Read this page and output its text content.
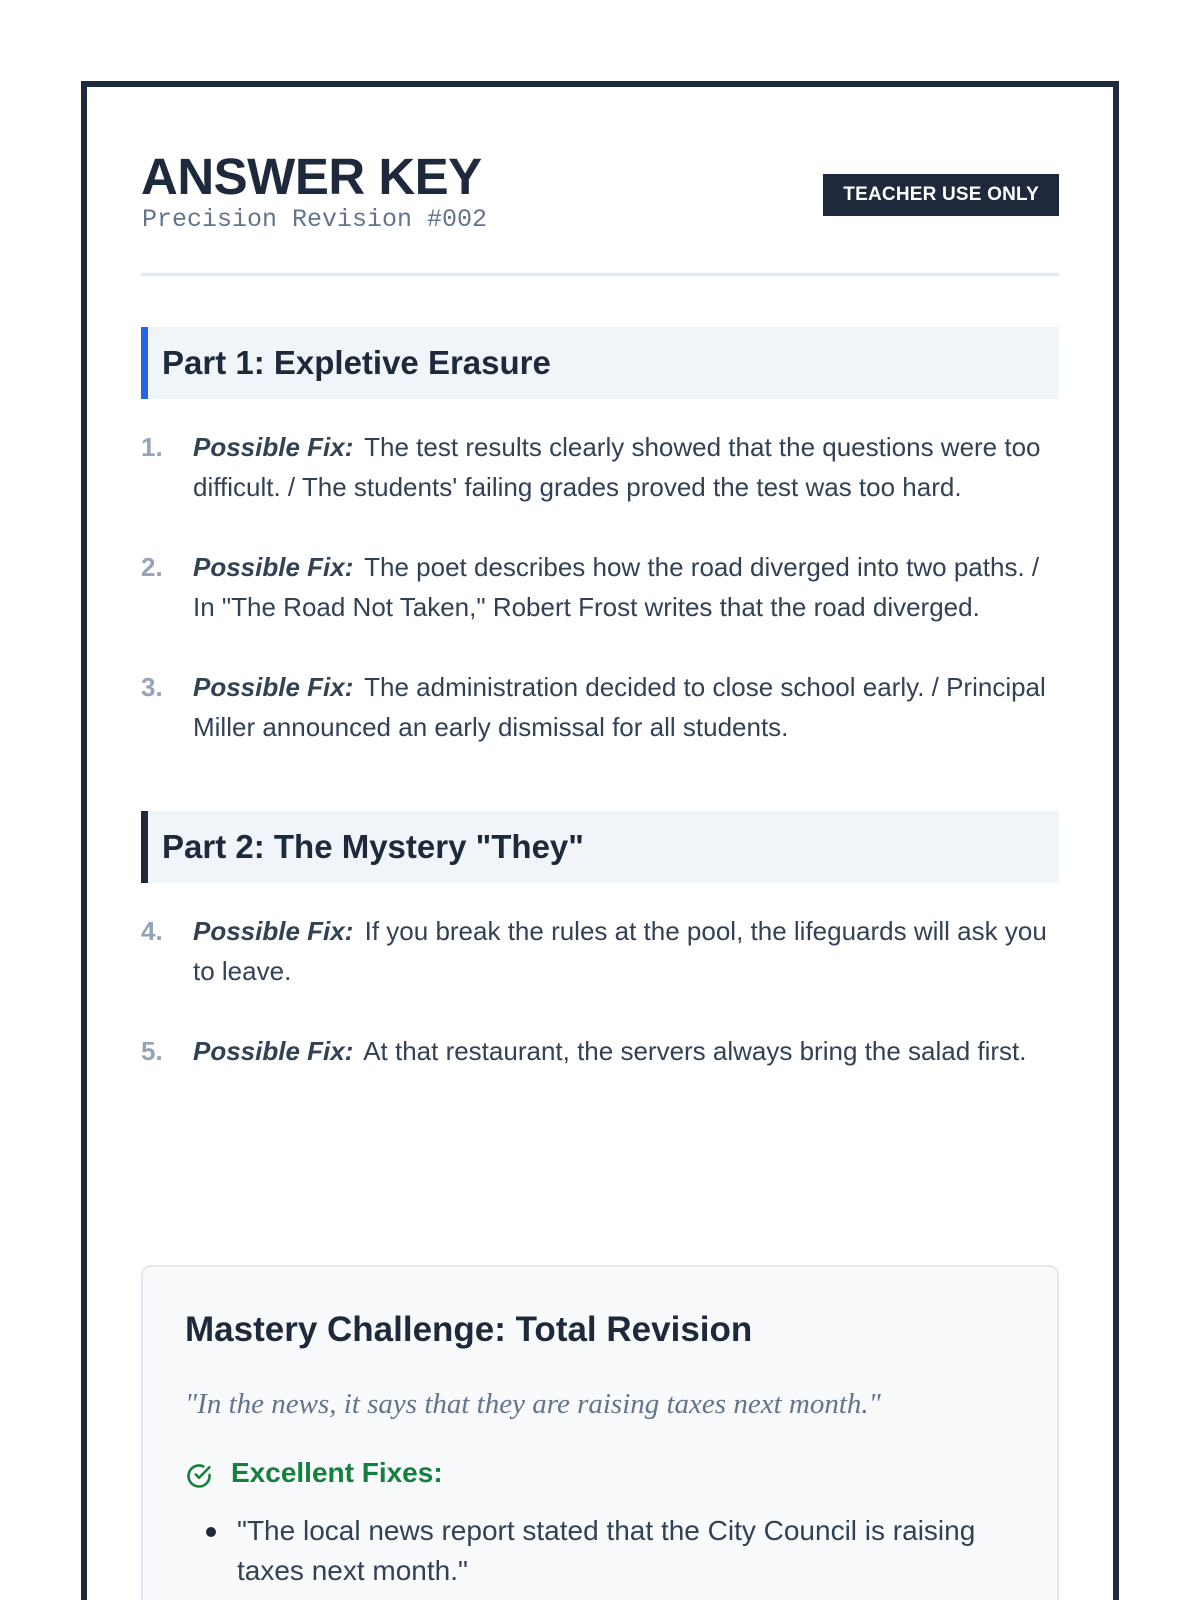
ANSWER KEY
Precision Revision #002
TEACHER USE ONLY
Part 1: Expletive Erasure
1. Possible Fix: The test results clearly showed that the questions were too difficult. / The students' failing grades proved the test was too hard.
2. Possible Fix: The poet describes how the road diverged into two paths. / In "The Road Not Taken," Robert Frost writes that the road diverged.
3. Possible Fix: The administration decided to close school early. / Principal Miller announced an early dismissal for all students.
Part 2: The Mystery "They"
4. Possible Fix: If you break the rules at the pool, the lifeguards will ask you to leave.
5. Possible Fix: At that restaurant, the servers always bring the salad first.
Mastery Challenge: Total Revision
"In the news, it says that they are raising taxes next month."
Excellent Fixes:
"The local news report stated that the City Council is raising taxes next month."
